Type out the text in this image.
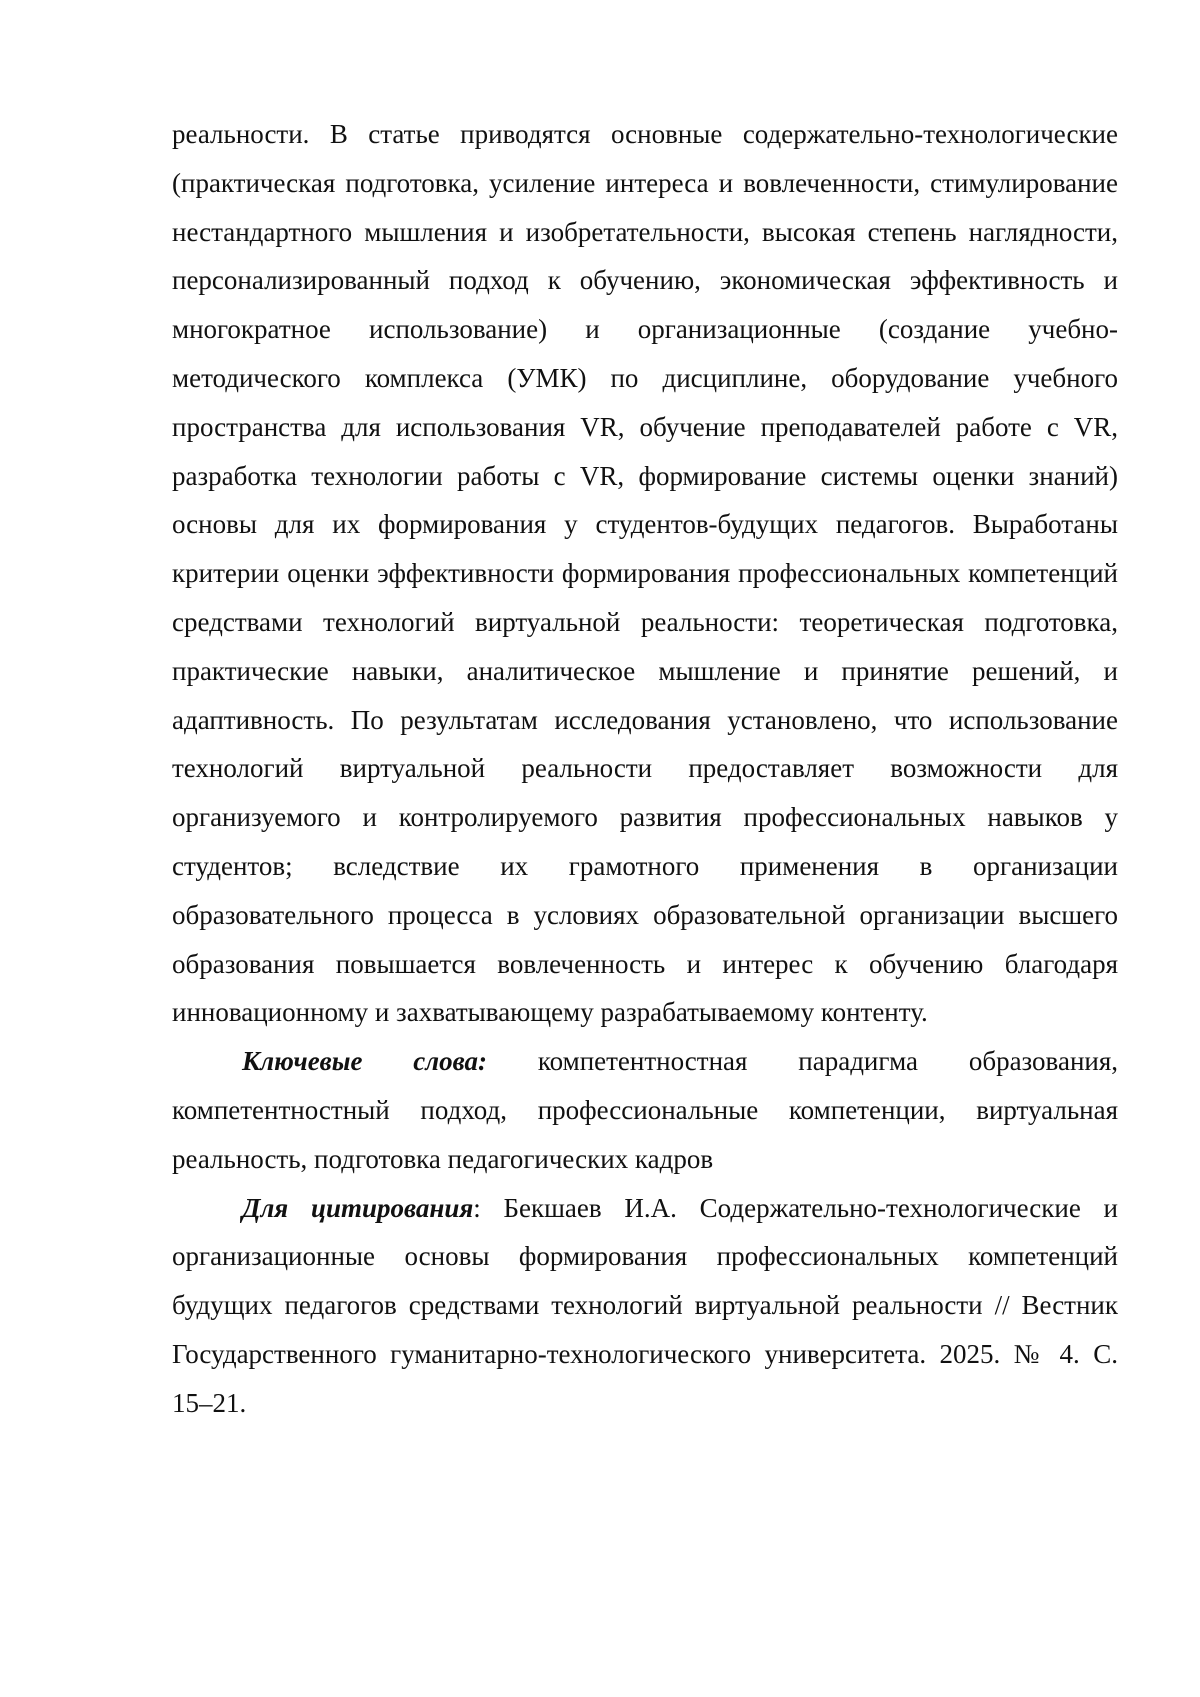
реальности. В статье приводятся основные содержательно-технологические (практическая подготовка, усиление интереса и вовлеченности, стимулирование нестандартного мышления и изобретательности, высокая степень наглядности, персонализированный подход к обучению, экономическая эффективность и многократное использование) и организационные (создание учебно-методического комплекса (УМК) по дисциплине, оборудование учебного пространства для использования VR, обучение преподавателей работе с VR, разработка технологии работы с VR, формирование системы оценки знаний) основы для их формирования у студентов-будущих педагогов. Выработаны критерии оценки эффективности формирования профессиональных компетенций средствами технологий виртуальной реальности: теоретическая подготовка, практические навыки, аналитическое мышление и принятие решений, и адаптивность. По результатам исследования установлено, что использование технологий виртуальной реальности предоставляет возможности для организуемого и контролируемого развития профессиональных навыков у студентов; вследствие их грамотного применения в организации образовательного процесса в условиях образовательной организации высшего образования повышается вовлеченность и интерес к обучению благодаря инновационному и захватывающему разрабатываемому контенту.

Ключевые слова: компетентностная парадигма образования, компетентностный подход, профессиональные компетенции, виртуальная реальность, подготовка педагогических кадров

Для цитирования: Бекшаев И.А. Содержательно-технологические и организационные основы формирования профессиональных компетенций будущих педагогов средствами технологий виртуальной реальности // Вестник Государственного гуманитарно-технологического университета. 2025. № 4. С. 15–21.
